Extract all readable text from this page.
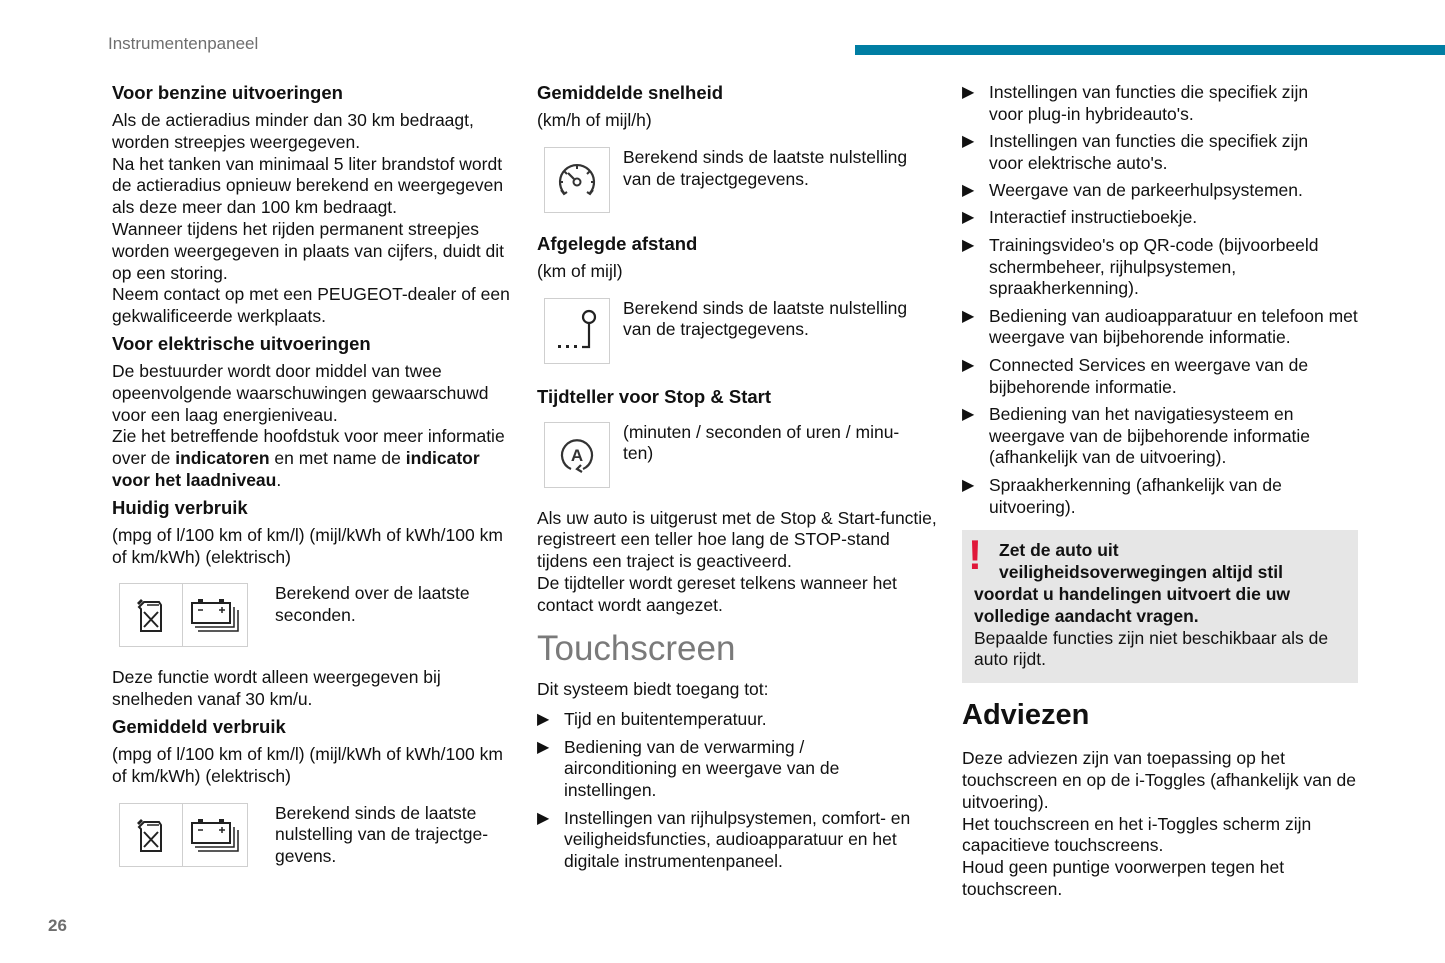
Instrumentenpaneel
Voor benzine uitvoeringen

Als de actieradius minder dan 30 km bedraagt, worden streepjes weergegeven.

Na het tanken van minimaal 5 liter brandstof wordt de actieradius opnieuw berekend en weergegeven als deze meer dan 100 km bedraagt.

Wanneer tijdens het rijden permanent streepjes worden weergegeven in plaats van cijfers, duidt dit op een storing.

Neem contact op met een PEUGEOT-dealer of een gekwalificeerde werkplaats.

Voor elektrische uitvoeringen

De bestuurder wordt door middel van twee opeenvolgende waarschuwingen gewaarschuwd voor een laag energieniveau.

Zie het betreffende hoofdstuk voor meer informatie over de indicatoren en met name de indicator voor het laadniveau.

Huidig verbruik

(mpg of l/100 km of km/l) (mijl/kWh of kWh/100 km of km/kWh) (elektrisch)

Berekend over de laatste seconden.

Deze functie wordt alleen weergegeven bij snelheden vanaf 30 km/u.

Gemiddeld verbruik

(mpg of l/100 km of km/l) (mijl/kWh of kWh/100 km of km/kWh) (elektrisch)

Berekend sinds de laatste nulstelling van de trajectge-gevens.
Gemiddelde snelheid

(km/h of mijl/h)

Berekend sinds de laatste nulstelling van de trajectgegevens.
Afgelegde afstand

(km of mijl)

Berekend sinds de laatste nulstelling van de trajectgegevens.
Tijdteller voor Stop & Start
A
(minuten / seconden of uren / minu-ten)

Als uw auto is uitgerust met de Stop & Start-functie, registreert een teller hoe lang de STOP-stand tijdens een traject is geactiveerd.

De tijdteller wordt gereset telkens wanneer het contact wordt aangezet.

Touchscreen

Dit systeem biedt toegang tot:

▶ Tijd en buitentemperatuur.
▶ Bediening van de verwarming / airconditioning en weergave van de instellingen.
▶ Instellingen van rijhulpsystemen, comfort- en veiligheidsfuncties, audioapparatuur en het digitale instrumentenpaneel.
▶ Instellingen van functies die specifiek zijn voor plug-in hybrideauto's.
▶ Instellingen van functies die specifiek zijn voor elektrische auto's.
▶ Weergave van de parkeerhulpsystemen.
▶ Interactief instructieboekje.
▶ Trainingsvideo's op QR-code (bijvoorbeeld schermbeheer, rijhulpsystemen, spraakherkenning).
▶ Bediening van audioapparatuur en telefoon met weergave van bijbehorende informatie.
▶ Connected Services en weergave van de bijbehorende informatie.
▶ Bediening van het navigatiesysteem en weergave van de bijbehorende informatie (afhankelijk van de uitvoering).
▶ Spraakherkenning (afhankelijk van de uitvoering).
! Zet de auto uit
veiligheidsoverwegingen altijd stil
voordat u handelingen uitvoert die uw volledige aandacht vragen.
Bepaalde functies zijn niet beschikbaar als de auto rijdt.
Adviezen

Deze adviezen zijn van toepassing op het touchscreen en op de i-Toggles (afhankelijk van de uitvoering).

Het touchscreen en het i-Toggles scherm zijn capacitieve touchscreens.

Houd geen puntige voorwerpen tegen het touchscreen.

26
